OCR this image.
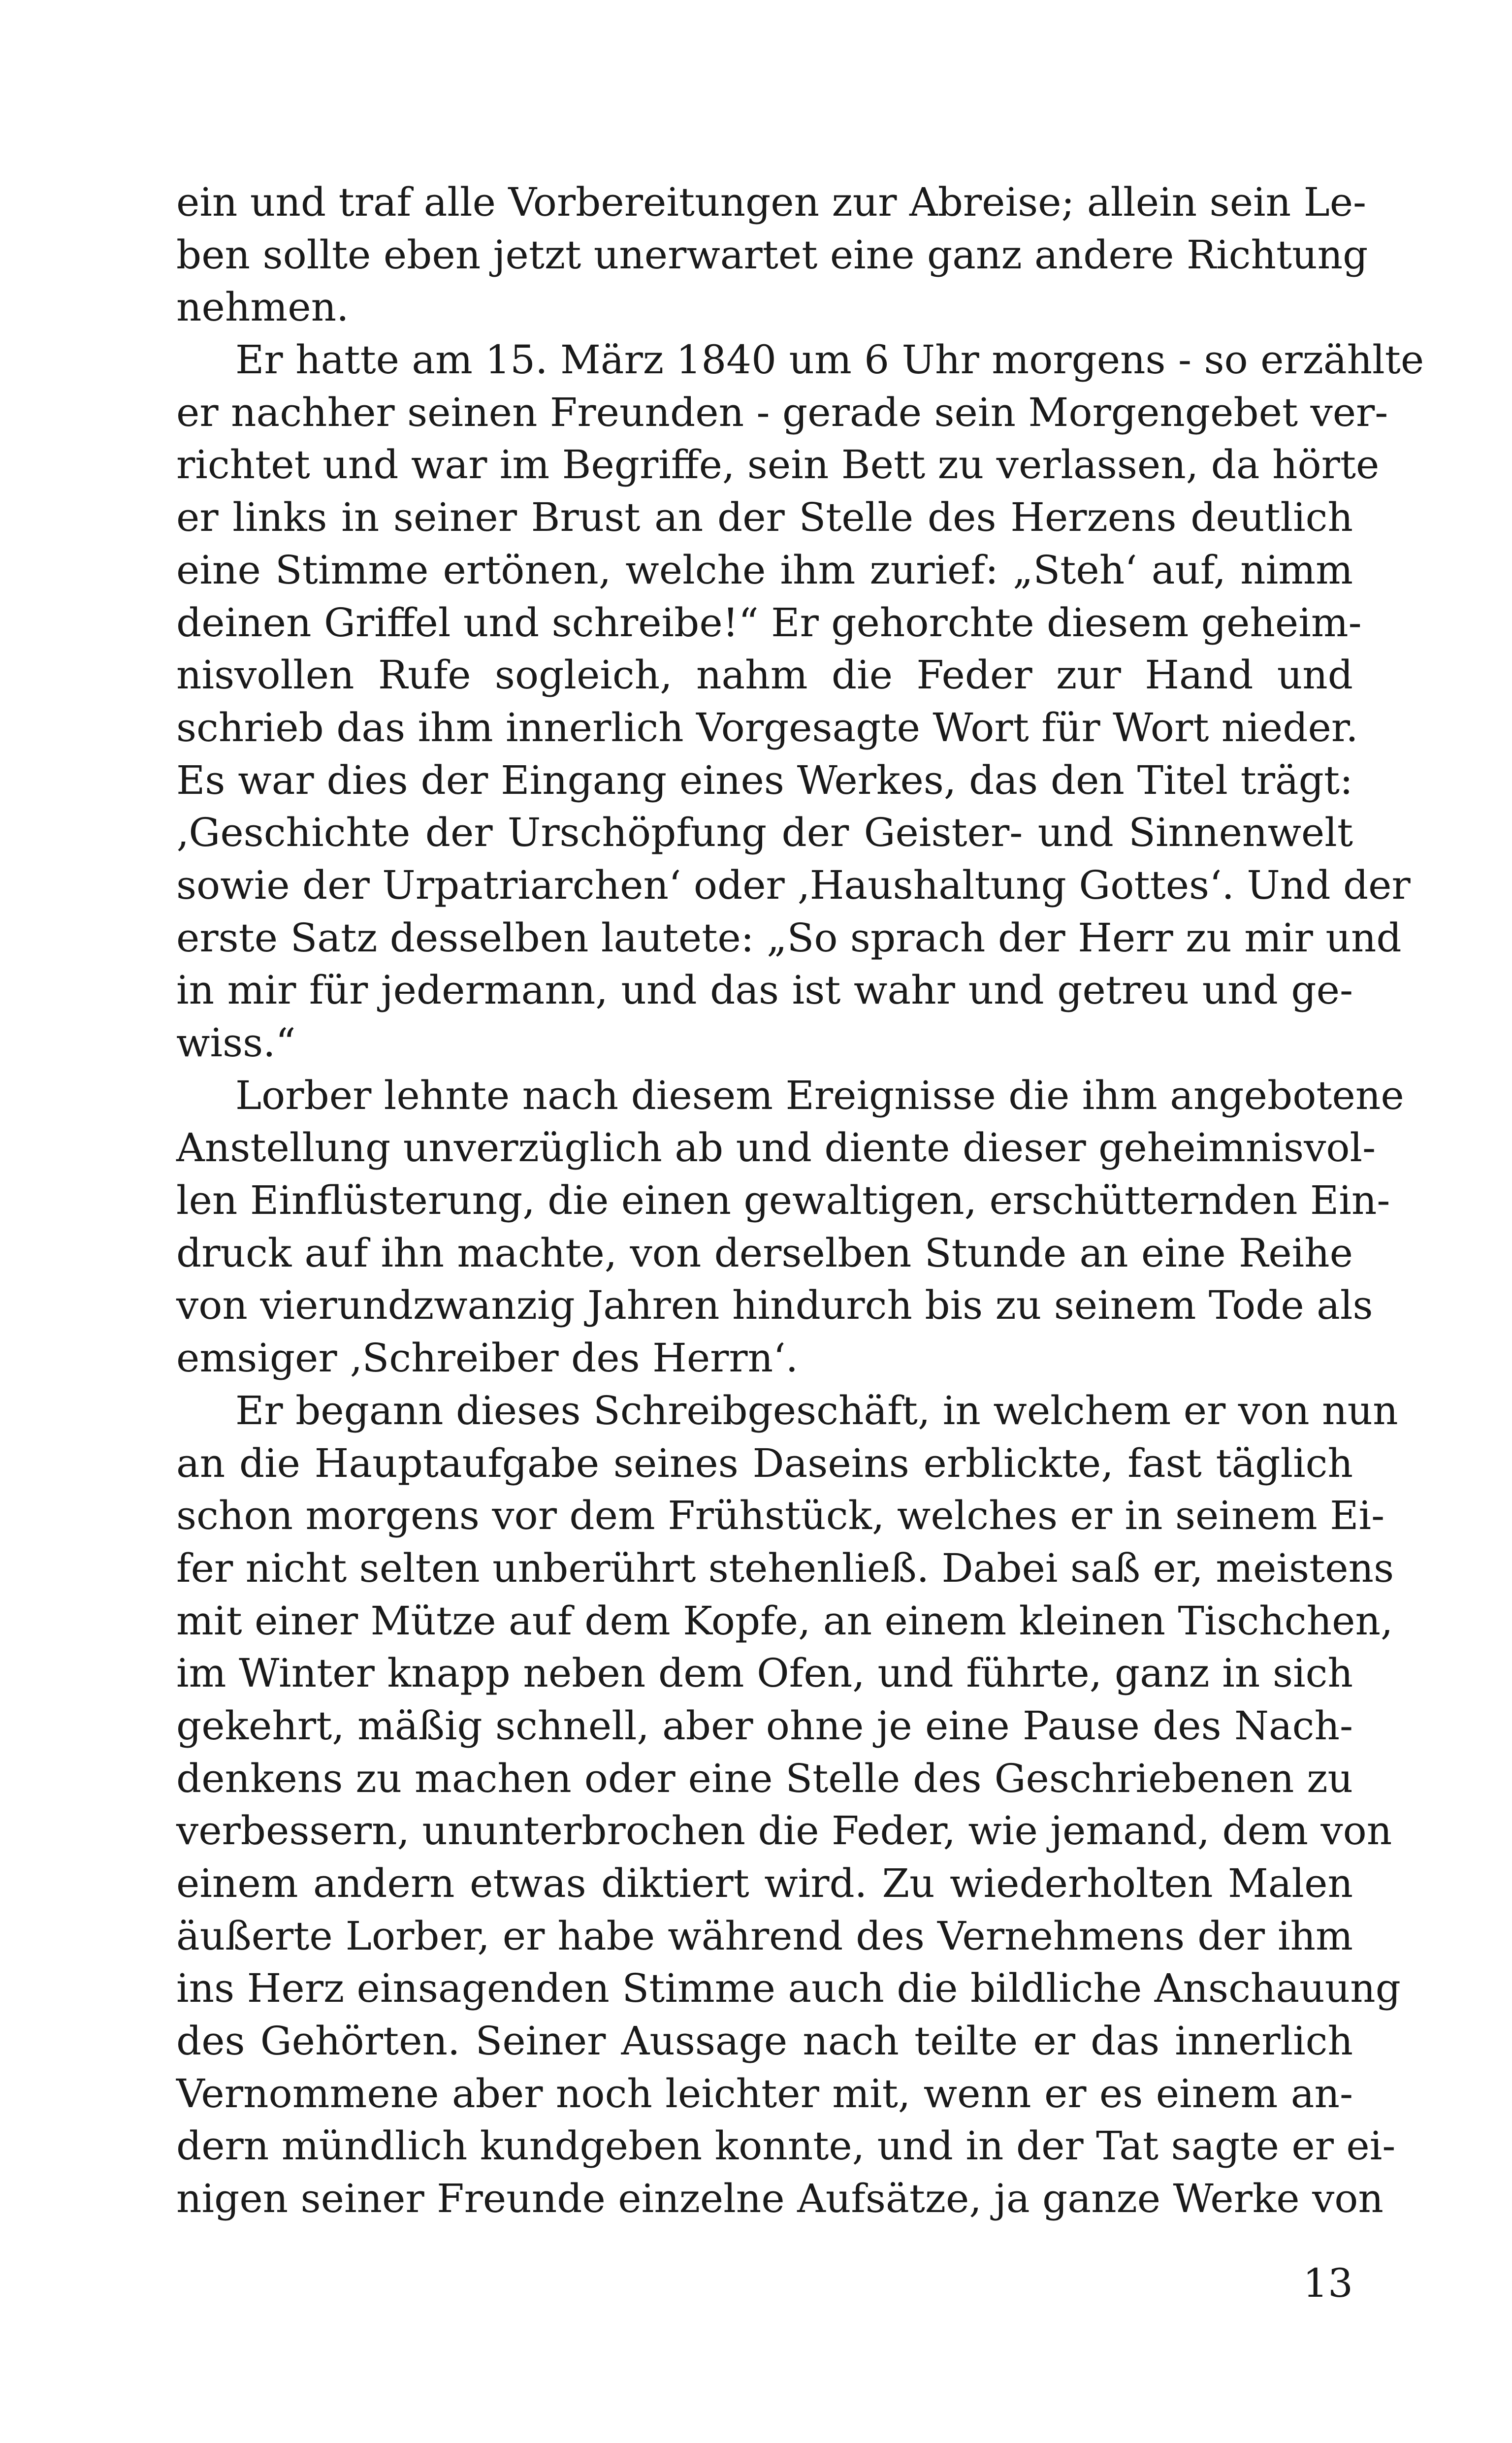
ein und traf alle Vorbereitungen zur Abreise; allein sein Le-
ben sollte eben jetzt unerwartet eine ganz andere Richtung
nehmen.
Er hatte am 15. März 1840 um 6 Uhr morgens - so erzählte
er nachher seinen Freunden - gerade sein Morgengebet ver-
richtet und war im Begriffe, sein Bett zu verlassen, da hörte
er links in seiner Brust an der Stelle des Herzens deutlich
eine Stimme ertönen, welche ihm zurief: „Steh‘ auf, nimm
deinen Griffel und schreibe!“ Er gehorchte diesem geheim-
nisvollen Rufe sogleich, nahm die Feder zur Hand und
schrieb das ihm innerlich Vorgesagte Wort für Wort nieder.
Es war dies der Eingang eines Werkes, das den Titel trägt:
‚Geschichte der Urschöpfung der Geister- und Sinnenwelt
sowie der Urpatriarchen‘ oder ‚Haushaltung Gottes‘. Und der
erste Satz desselben lautete: „So sprach der Herr zu mir und
in mir für jedermann, und das ist wahr und getreu und ge-
wiss.“
Lorber lehnte nach diesem Ereignisse die ihm angebotene
Anstellung unverzüglich ab und diente dieser geheimnisvol-
len Einflüsterung, die einen gewaltigen, erschütternden Ein-
druck auf ihn machte, von derselben Stunde an eine Reihe
von vierundzwanzig Jahren hindurch bis zu seinem Tode als
emsiger ‚Schreiber des Herrn‘.
Er begann dieses Schreibgeschäft, in welchem er von nun
an die Hauptaufgabe seines Daseins erblickte, fast täglich
schon morgens vor dem Frühstück, welches er in seinem Ei-
fer nicht selten unberührt stehenließ. Dabei saß er, meistens
mit einer Mütze auf dem Kopfe, an einem kleinen Tischchen,
im Winter knapp neben dem Ofen, und führte, ganz in sich
gekehrt, mäßig schnell, aber ohne je eine Pause des Nach-
denkens zu machen oder eine Stelle des Geschriebenen zu
verbessern, ununterbrochen die Feder, wie jemand, dem von
einem andern etwas diktiert wird. Zu wiederholten Malen
äußerte Lorber, er habe während des Vernehmens der ihm
ins Herz einsagenden Stimme auch die bildliche Anschauung
des Gehörten. Seiner Aussage nach teilte er das innerlich
Vernommene aber noch leichter mit, wenn er es einem an-
dern mündlich kundgeben konnte, und in der Tat sagte er ei-
nigen seiner Freunde einzelne Aufsätze, ja ganze Werke von
13
